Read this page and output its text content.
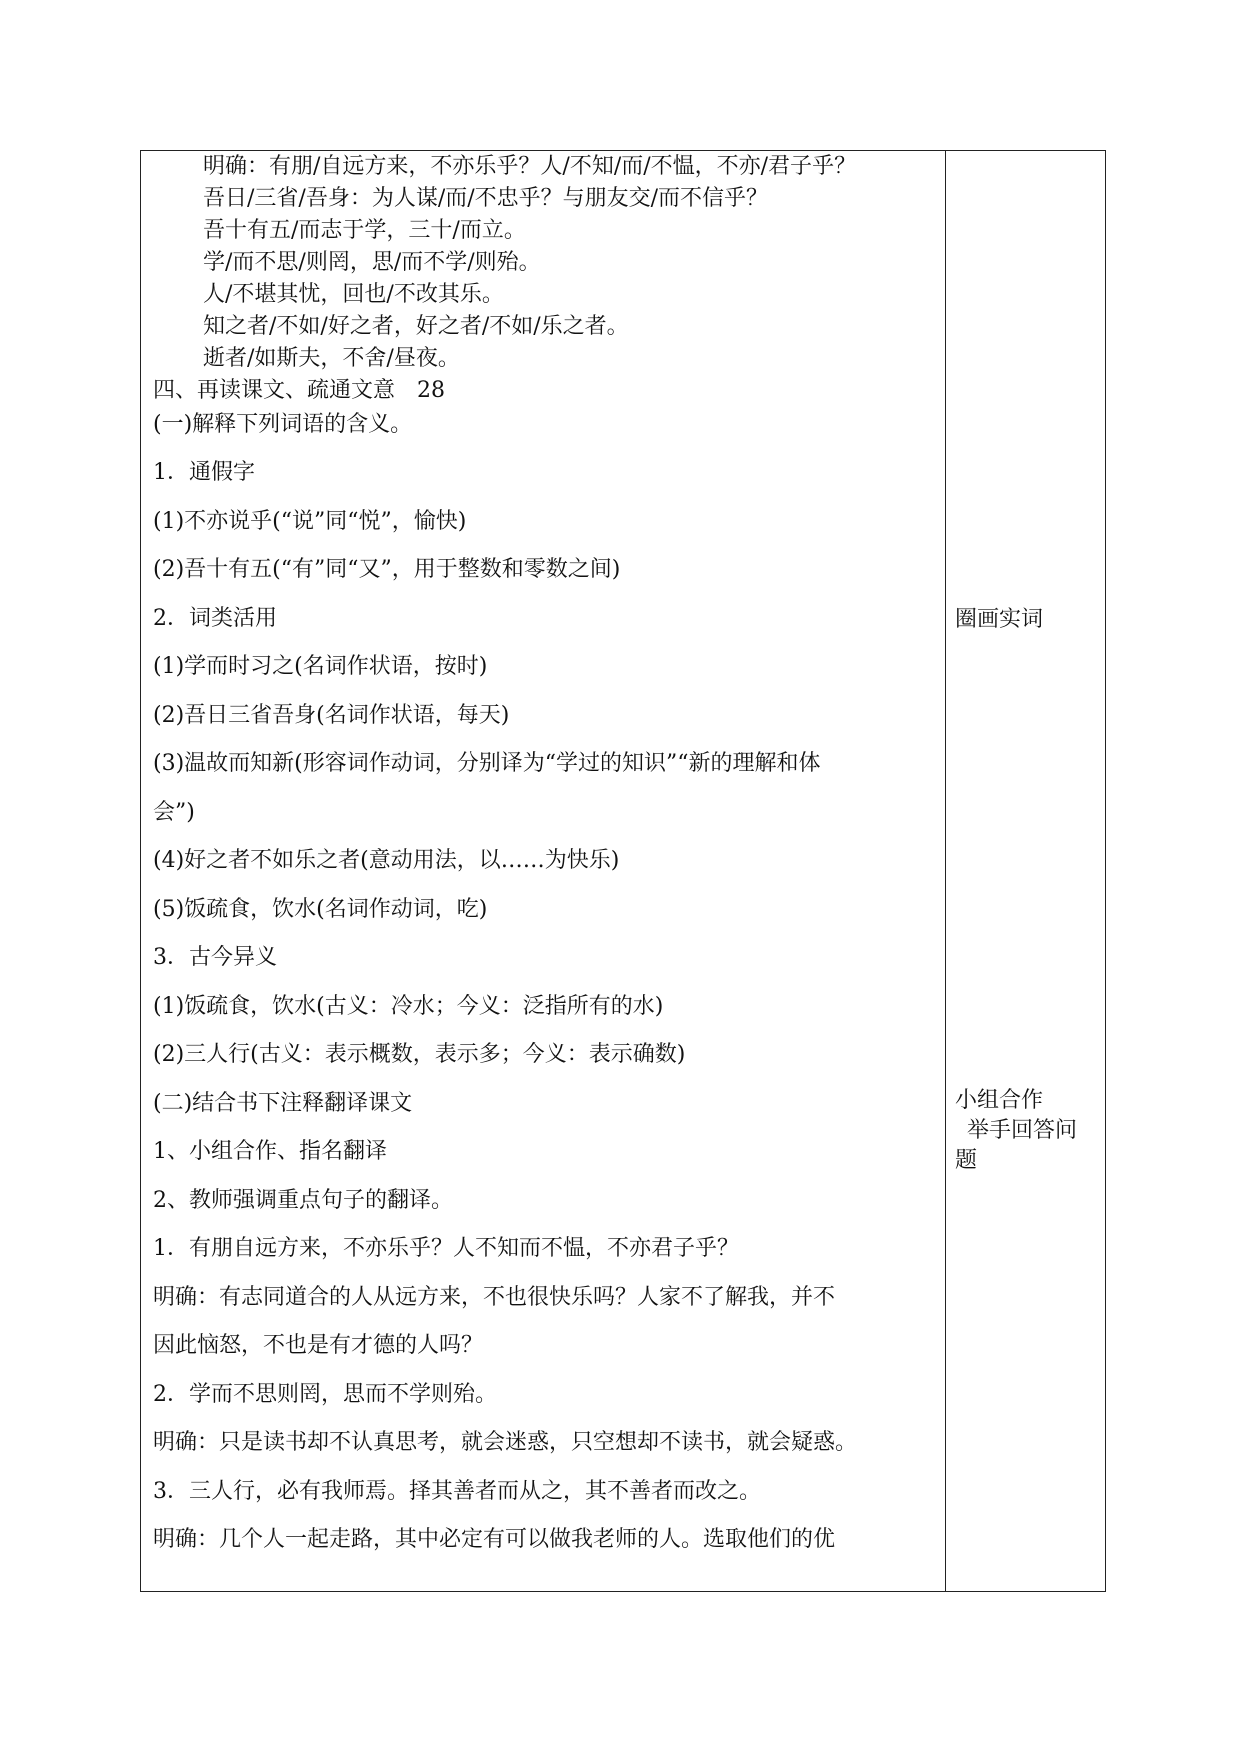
明确：有朋/自远方来，不亦乐乎？人/不知/而/不愠，不亦/君子乎？
吾日/三省/吾身：为人谋/而/不忠乎？与朋友交/而不信乎？
吾十有五/而志于学，三十/而立。
学/而不思/则罔，思/而不学/则殆。
人/不堪其忧，回也/不改其乐。
知之者/不如/好之者，好之者/不如/乐之者。
逝者/如斯夫，不舍/昼夜。
四、再读课文、疏通文意　28
(一)解释下列词语的含义。
1．通假字
(1)不亦说乎(“说”同“悦”，愉快)
(2)吾十有五(“有”同“又”，用于整数和零数之间)
2．词类活用
(1)学而时习之(名词作状语，按时)
(2)吾日三省吾身(名词作状语，每天)
(3)温故而知新(形容词作动词，分别译为“学过的知识”“新的理解和体
会”)
(4)好之者不如乐之者(意动用法，以……为快乐)
(5)饭疏食，饮水(名词作动词，吃)
3．古今异义
(1)饭疏食，饮水(古义：冷水；今义：泛指所有的水)
(2)三人行(古义：表示概数，表示多；今义：表示确数)
(二)结合书下注释翻译课文
1、小组合作、指名翻译
2、教师强调重点句子的翻译。
1．有朋自远方来，不亦乐乎？人不知而不愠，不亦君子乎？
明确：有志同道合的人从远方来，不也很快乐吗？人家不了解我，并不
因此恼怒，不也是有才德的人吗？
2．学而不思则罔，思而不学则殆。
明确：只是读书却不认真思考，就会迷惑，只空想却不读书，就会疑惑。
3．三人行，必有我师焉。择其善者而从之，其不善者而改之。
明确：几个人一起走路，其中必定有可以做我老师的人。选取他们的优
圈画实词
小组合作
举手回答问
题
